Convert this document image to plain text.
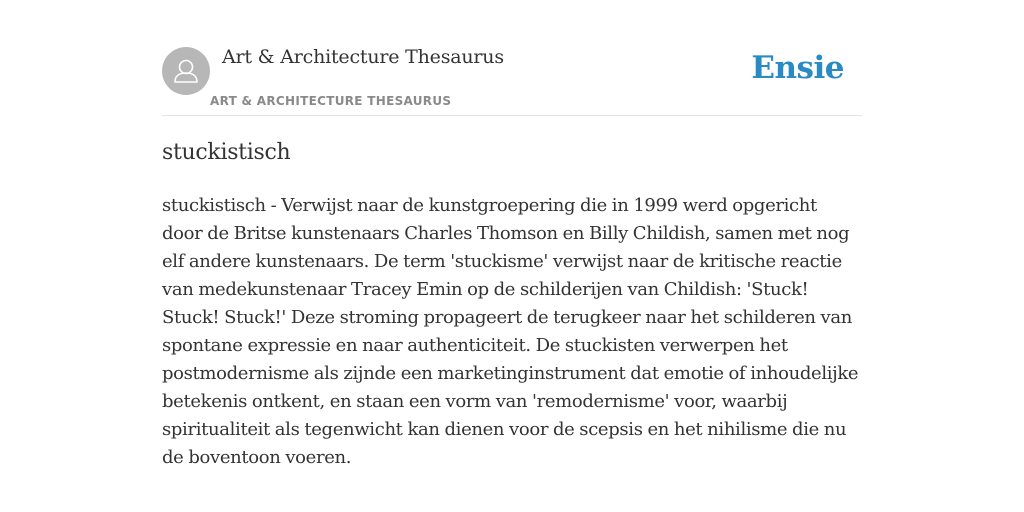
Art & Architecture Thesaurus
ART & ARCHITECTURE THESAURUS
Ensie
stuckistisch

stuckistisch - Verwijst naar de kunstgroepering die in 1999 werd opgericht door de Britse kunstenaars Charles Thomson en Billy Childish, samen met nog elf andere kunstenaars. De term 'stuckisme' verwijst naar de kritische reactie van medekunstenaar Tracey Emin op de schilderijen van Childish: 'Stuck! Stuck! Stuck!' Deze stroming propageert de terugkeer naar het schilderen van spontane expressie en naar authenticiteit. De stuckisten verwerpen het postmodernisme als zijnde een marketinginstrument dat emotie of inhoudelijke betekenis ontkent, en staan een vorm van 'remodernisme' voor, waarbij spiritualiteit als tegenwicht kan dienen voor de scepsis en het nihilisme die nu de boventoon voeren.
